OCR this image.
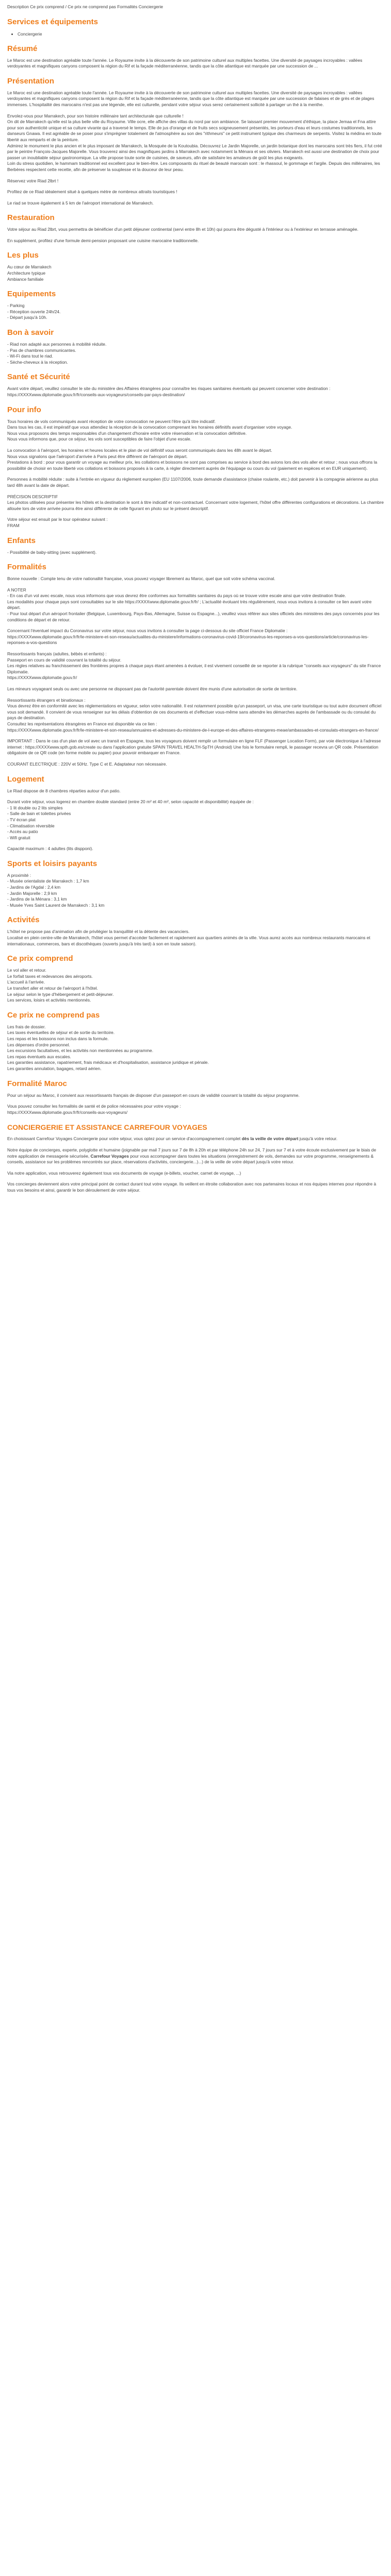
Description Ce prix comprend / Ce prix ne comprend pas Formalités Conciergerie
Services et équipements
• Conciergerie
Résumé

Le Maroc est une destination agréable toute l'année. Le Royaume invite à la découverte de son patrimoine culturel aux multiples facettes. Une diversité de paysages incroyables : vallées verdoyantes et magnifiques canyons composent la région du Rif et la façade méditerranéenne, tandis que la côte atlantique est marquée par une succession de ...

Présentation

Le Maroc est une destination agréable toute l'année. Le Royaume invite à la découverte de son patrimoine culturel aux multiples facettes. Une diversité de paysages incroyables : vallées verdoyantes et magnifiques canyons composent la région du Rif et la façade méditerranéenne, tandis que la côte atlantique est marquée par une succession de falaises et de grès et de plages immenses. L'hospitalité des marocains n'est pas une légende, elle est culturelle, pendant votre séjour vous serez certainement sollicité à partager un thé à la menthe.

Envolez-vous pour Marrakech, pour son histoire millénaire tant architecturale que culturelle !
On dit de Marrakech qu'elle est la plus belle ville du Royaume. Ville ocre, elle affiche des villas du nord par son ambiance. Se laissant premier mouvement d'éthique, la place Jemaa el Fna attire pour son authenticité unique et sa culture vivante qui a traversé le temps. Elle de jus d'orange et de fruits secs soigneusement présentés, les porteurs d'eau et leurs costumes traditionnels, les danseurs Gnawa. Il est agréable de se poser pour s'imprégner totalement de l'atmosphère au son des "rithmeurs" ce petit instrument typique des charmeurs de serpents. Visitez la médina en toute liberté aux remparts et de la peinture.
Admirez le monument le plus ancien et le plus imposant de Marrakech, la Mosquée de la Koutoubia. Découvrez Le Jardin Majorelle, un jardin botanique dont les marocains sont très fiers, il fut créé par le peintre François-Jacques Majorelle. Vous trouverez ainsi des magnifiques jardins à Marrakech avec notamment la Ménara et ses oliviers. Marrakech est aussi une destination de choix pour passer un inoubliable séjour gastronomique. La ville propose toute sorte de cuisines, de saveurs, afin de satisfaire les amateurs de goût les plus exigeants.
Loin du stress quotidien, le hammam traditionnel est excellent pour le bien-être. Les composants du rituel de beauté marocain sont : le rhassoul, le gommage et l'argile. Depuis des millénaires, les Berbères respectent cette recette, afin de préserver la souplesse et la douceur de leur peau.

Réservez votre Riad 2lbrt !

Profitez de ce Riad idéalement situé à quelques mètre de nombreux attraits touristiques !

Le riad se trouve également à 5 km de l'aéroport international de Marrakech.

Restauration

Votre séjour au Riad 2lbrt, vous permettra de bénéficier d'un petit déjeuner continental (servi entre 8h et 10h) qui pourra être dégusté à l'intérieur ou à l'extérieur en terrasse aménagée.

En supplément, profitez d'une formule demi-pension proposant une cuisine marocaine traditionnelle.

Les plus
Au cœur de Marrakech
Architecture typique
Ambiance familiale
Equipements
- Parking
- Réception ouverte 24h/24.
- Départ jusqu'à 10h.
Bon à savoir
- Riad non adapté aux personnes à mobilité réduite.
- Pas de chambres communicantes.
- Wi-Fi dans tout le riad.
- Sèche-cheveux à la réception.
Santé et Sécurité

Avant votre départ, veuillez consulter le site du ministère des Affaires étrangères pour connaître les risques sanitaires éventuels qui peuvent concerner votre destination : https://XXXXwww.diplomatie.gouv.fr/fr/conseils-aux-voyageurs/conseils-par-pays-destination/

Pour info

Tous horaires de vols communiqués avant réception de votre convocation ne peuvent l'être qu'à titre indicatif.
Dans tous les cas, il est impératif que vous attendiez la réception de la convocation comprenant les horaires définitifs avant d'organiser votre voyage.
Nous vous proposons des temps responsables d'un changement d'horaire entre votre réservation et la convocation définitive.
Nous vous informons que, pour ce séjour, les vols sont susceptibles de faire l'objet d'une escale.

La convocation à l'aéroport, les horaires et heures locales et le plan de vol définitif vous seront communiqués dans les 48h avant le départ.
Nous vous signalons que l'aéroport d'arrivée à Paris peut être différent de l'aéroport de départ.
Prestations à bord : pour vous garantir un voyage au meilleur prix, les collations et boissons ne sont pas comprises au service à bord des avions lors des vols aller et retour ; nous vous offrons la possibilité de choisir en toute liberté vos collations et boissons proposés à la carte, à régler directement auprès de l'équipage ou cours du vol (paiement en espèces et en EUR uniquement).

Personnes à mobilité réduite : suite à l'entrée en vigueur du règlement européen (EU 1107/2006, toute demande d'assistance (chaise roulante, etc.) doit parvenir à la compagnie aérienne au plus tard 48h avant la date de départ.

PRÉCISION DESCRIPTIF
Les photos utilisées pour présenter les hôtels et la destination le sont à titre indicatif et non-contractuel. Concernant votre logement, l'hôtel offre différentes configurations et décorations. La chambre allouée lors de votre arrivée pourra être ainsi différente de celle figurant en photo sur le présent descriptif.

Votre séjour est ensuit par le tour opérateur suivant :
FRAM

Enfants

- Possibilité de baby-sitting (avec supplément).

Formalités

Bonne nouvelle : Compte tenu de votre nationalité française, vous pouvez voyager librement au Maroc, quel que soit votre schéma vaccinal.

A NOTER
- En cas d'un vol avec escale, nous vous informons que vous devrez être conformes aux formalités sanitaires du pays où se trouve votre escale ainsi que votre destination finale.
Les modalités pour chaque pays sont consultables sur le site https://XXXXwww.diplomatie.gouv.fr/fr/ ; L'actualité évoluant très régulièrement, nous vous invitons à consulter ce lien avant votre départ.
- Pour tout départ d'un aéroport frontalier (Belgique, Luxembourg, Pays-Bas, Allemagne, Suisse ou Espagne...), veuillez vous référer aux sites officiels des ministères des pays concernés pour les conditions de départ et de retour.

Concernant l'éventuel impact du Coronavirus sur votre séjour, nous vous invitons à consulter la page ci-dessous du site officiel France Diplomatie :
https://XXXXwww.diplomatie.gouv.fr/fr/le-ministere-et-son-reseau/actualites-du-ministere/informations-coronavirus-covid-19/coronavirus-les-reponses-a-vos-questions/article/coronavirus-les-reponses-a-vos-questions

Ressortissants français (adultes, bébés et enfants) :
Passeport en cours de validité couvrant la totalité du séjour.
Les règles relatives au franchissement des frontières propres à chaque pays étant amenées à évoluer, il est vivement conseillé de se reporter à la rubrique "conseils aux voyageurs" du site France Diplomatie.
https://XXXXwww.diplomatie.gouv.fr/

Les mineurs voyageant seuls ou avec une personne ne disposant pas de l'autorité parentale doivent être munis d'une autorisation de sortie de territoire.

Ressortissants étrangers et binationaux :
Vous devrez être en conformité avec les réglementations en vigueur, selon votre nationalité. Il est notamment possible qu'un passeport, un visa, une carte touristique ou tout autre document officiel vous soit demandé. Il convient de vous renseigner sur les délais d'obtention de ces documents et d'effectuer vous-même sans attendre les démarches auprès de l'ambassade ou du consulat du pays de destination.
Consultez les représentations étrangères en France est disponible via ce lien :
https://XXXXwww.diplomatie.gouv.fr/fr/le-ministere-et-son-reseau/annuaires-et-adresses-du-ministere-de-l-europe-et-des-affaires-etrangeres-meae/ambassades-et-consulats-etrangers-en-france/

IMPORTANT : Dans le cas d'un plan de vol avec un transit en Espagne, tous les voyageurs doivent remplir un formulaire en ligne FLF (Passenger Location Form), par voie électronique à l'adresse internet : https://XXXXwww.spth.gob.es/create ou dans l'application gratuite SPAIN TRAVEL HEALTH-SpTH (Android) Une fois le formulaire rempli, le passager recevra un QR code. Présentation obligatoire de ce QR code (en forme mobile ou papier) pour pouvoir embarquer en France.

COURANT ELECTRIQUE : 220V et 50Hz. Type C et E. Adaptateur non nécessaire.

Logement

Le Riad dispose de 8 chambres réparties autour d'un patio.

Durant votre séjour, vous logerez en chambre double standard (entre 20 m² et 40 m², selon capacité et disponibilité) équipée de :
- 1 lit double ou 2 lits simples
- Salle de bain et toilettes privées
- TV écran plat
- Climatisation réversible
- Accès au patio
- Wifi gratuit

Capacité maximum : 4 adultes (lits dispponi).

Sports et loisirs payants

A proximité :
- Musée orientaliste de Marrakech : 1,7 km
- Jardins de l'Agdal : 2,4 km
- Jardin Majorelle : 2,9 km
- Jardins de la Ménara : 3,1 km
- Musée Yves Saint Laurent de Marrakech : 3,1 km

Activités

L'hôtel ne propose pas d'animation afin de privilégier la tranquillité et la détente des vacanciers.
Localisé en plein centre-ville de Marrakech, l'hôtel vous permet d'accéder facilement et rapidement aux quartiers animés de la ville. Vous aurez accès aux nombreux restaurants marocains et internationaux, commerces, bars et discothèques (ouverts jusqu'à très tard) à son en toute saison).

Ce prix comprend

Le vol aller et retour.
Le forfait taxes et redevances des aéroports.
L'accueil à l'arrivée.
Le transfert aller et retour de l'aéroport à l'hôtel.
Le séjour selon le type d'hébergement et petit-déjeuner.
Les services, loisirs et activités mentionnés.

Ce prix ne comprend pas

Les frais de dossier.
Les taxes éventuelles de séjour et de sortie du territoire.
Les repas et les boissons non inclus dans la formule.
Les dépenses d'ordre personnel.
Les excursions facultatives, et les activités non mentionnées au programme.
Les repas éventuels aux escales.
Les garanties assistance, rapatriement, frais médicaux et d'hospitalisation, assistance juridique et pénale.
Les garanties annulation, bagages, retard aérien.

Formalité Maroc

Pour un séjour au Maroc, il convient aux ressortissants français de disposer d'un passeport en cours de validité couvrant la totalité du séjour programme.

Vous pouvez consulter les formalités de santé et de police nécessaires pour votre voyage :
https://XXXXwww.diplomatie.gouv.fr/fr/conseils-aux-voyageurs/

CONCIERGERIE ET ASSISTANCE CARREFOUR VOYAGES

En choisissant Carrefour Voyages Conciergerie pour votre séjour, vous optez pour un service d'accompagnement complet dès la veille de votre départ jusqu'à votre retour.

Notre équipe de concierges, experte, polyglotte et humaine (joignable par mail 7 jours sur 7 de 8h à 20h et par téléphone 24h sur 24, 7 jours sur 7 et à votre écoute exclusivement par le biais de notre application de messagerie sécurisée, Carrefour Voyages pour vous accompagner dans toutes les situations (enregistrement de vols, demandes sur votre programme, renseignements & conseils, assistance sur les problèmes rencontrés sur place, réservations d'activités, conciergerie...)...) de la veille de votre départ jusqu'à votre retour.

Via notre application, vous retrouverez également tous vos documents de voyage (e-billets, voucher, carnet de voyage, ...)

Vos concierges deviennent alors votre principal point de contact durant tout votre voyage. Ils veillent en étroite collaboration avec nos partenaires locaux et nos équipes internes pour répondre à tous vos besoins et ainsi, garantir le bon déroulement de votre séjour.
